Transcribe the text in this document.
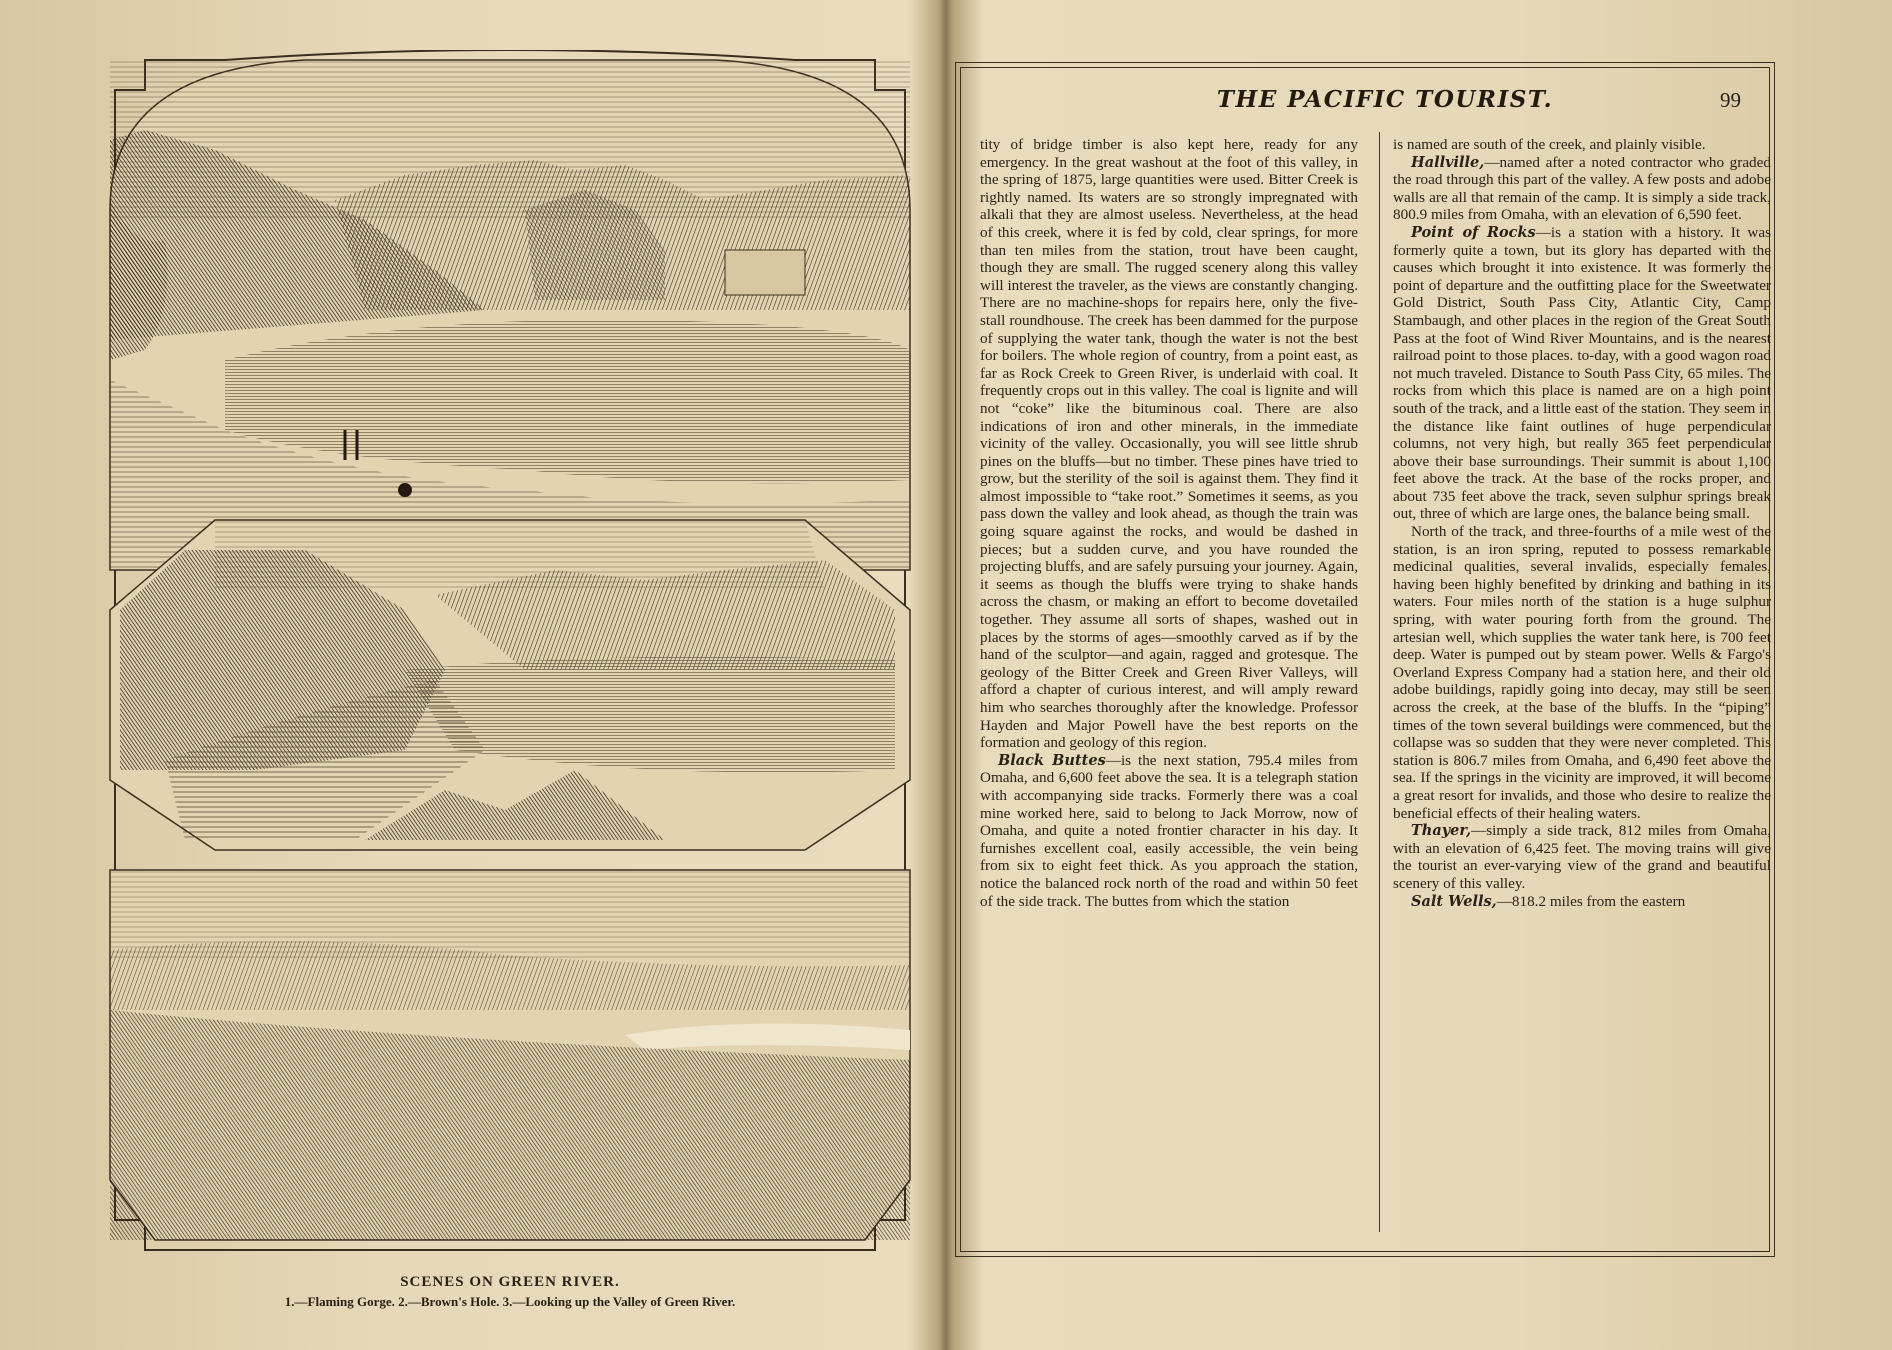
SCENES ON GREEN RIVER.
1.—Flaming Gorge. 2.—Brown's Hole. 3.—Looking up the Valley of Green River.
THE PACIFIC TOURIST.	99

tity of bridge timber is also kept here, ready for any emergency. In the great washout at the foot of this valley, in the spring of 1875, large quantities were used. Bitter Creek is rightly named. Its waters are so strongly impregnated with alkali that they are almost useless. Nevertheless, at the head of this creek, where it is fed by cold, clear springs, for more than ten miles from the station, trout have been caught, though they are small. The rugged scenery along this valley will interest the traveler, as the views are constantly changing. There are no machine-shops for repairs here, only the five-stall roundhouse. The creek has been dammed for the purpose of supplying the water tank, though the water is not the best for boilers. The whole region of country, from a point east, as far as Rock Creek to Green River, is underlaid with coal. It frequently crops out in this valley. The coal is lignite and will not “coke” like the bituminous coal. There are also indications of iron and other minerals, in the immediate vicinity of the valley. Occasionally, you will see little shrub pines on the bluffs—but no timber. These pines have tried to grow, but the sterility of the soil is against them. They find it almost impossible to “take root.” Sometimes it seems, as you pass down the valley and look ahead, as though the train was going square against the rocks, and would be dashed in pieces; but a sudden curve, and you have rounded the projecting bluffs, and are safely pursuing your journey. Again, it seems as though the bluffs were trying to shake hands across the chasm, or making an effort to become dovetailed together. They assume all sorts of shapes, washed out in places by the storms of ages—smoothly carved as if by the hand of the sculptor—and again, ragged and grotesque. The geology of the Bitter Creek and Green River Valleys, will afford a chapter of curious interest, and will amply reward him who searches thoroughly after the knowledge. Professor Hayden and Major Powell have the best reports on the formation and geology of this region.

Black Buttes—is the next station, 795.4 miles from Omaha, and 6,600 feet above the sea. It is a telegraph station with accompanying side tracks. Formerly there was a coal mine worked here, said to belong to Jack Morrow, now of Omaha, and quite a noted frontier character in his day. It furnishes excellent coal, easily accessible, the vein being from six to eight feet thick. As you approach the station, notice the balanced rock north of the road and within 50 feet of the side track. The buttes from which the station

is named are south of the creek, and plainly visible.

Hallville,—named after a noted contractor who graded the road through this part of the valley. A few posts and adobe walls are all that remain of the camp. It is simply a side track, 800.9 miles from Omaha, with an elevation of 6,590 feet.

Point of Rocks—is a station with a history. It was formerly quite a town, but its glory has departed with the causes which brought it into existence. It was formerly the point of departure and the outfitting place for the Sweetwater Gold District, South Pass City, Atlantic City, Camp Stambaugh, and other places in the region of the Great South Pass at the foot of Wind River Mountains, and is the nearest railroad point to those places. to-day, with a good wagon road not much traveled. Distance to South Pass City, 65 miles. The rocks from which this place is named are on a high point south of the track, and a little east of the station. They seem in the distance like faint outlines of huge perpendicular columns, not very high, but really 365 feet perpendicular above their base surroundings. Their summit is about 1,100 feet above the track. At the base of the rocks proper, and about 735 feet above the track, seven sulphur springs break out, three of which are large ones, the balance being small.

North of the track, and three-fourths of a mile west of the station, is an iron spring, reputed to possess remarkable medicinal qualities, several invalids, especially females, having been highly benefited by drinking and bathing in its waters. Four miles north of the station is a huge sulphur spring, with water pouring forth from the ground. The artesian well, which supplies the water tank here, is 700 feet deep. Water is pumped out by steam power. Wells & Fargo's Overland Express Company had a station here, and their old adobe buildings, rapidly going into decay, may still be seen across the creek, at the base of the bluffs. In the “piping” times of the town several buildings were commenced, but the collapse was so sudden that they were never completed. This station is 806.7 miles from Omaha, and 6,490 feet above the sea. If the springs in the vicinity are improved, it will become a great resort for invalids, and those who desire to realize the beneficial effects of their healing waters.

Thayer,—simply a side track, 812 miles from Omaha, with an elevation of 6,425 feet. The moving trains will give the tourist an ever-varying view of the grand and beautiful scenery of this valley.

Salt Wells,—818.2 miles from the eastern
